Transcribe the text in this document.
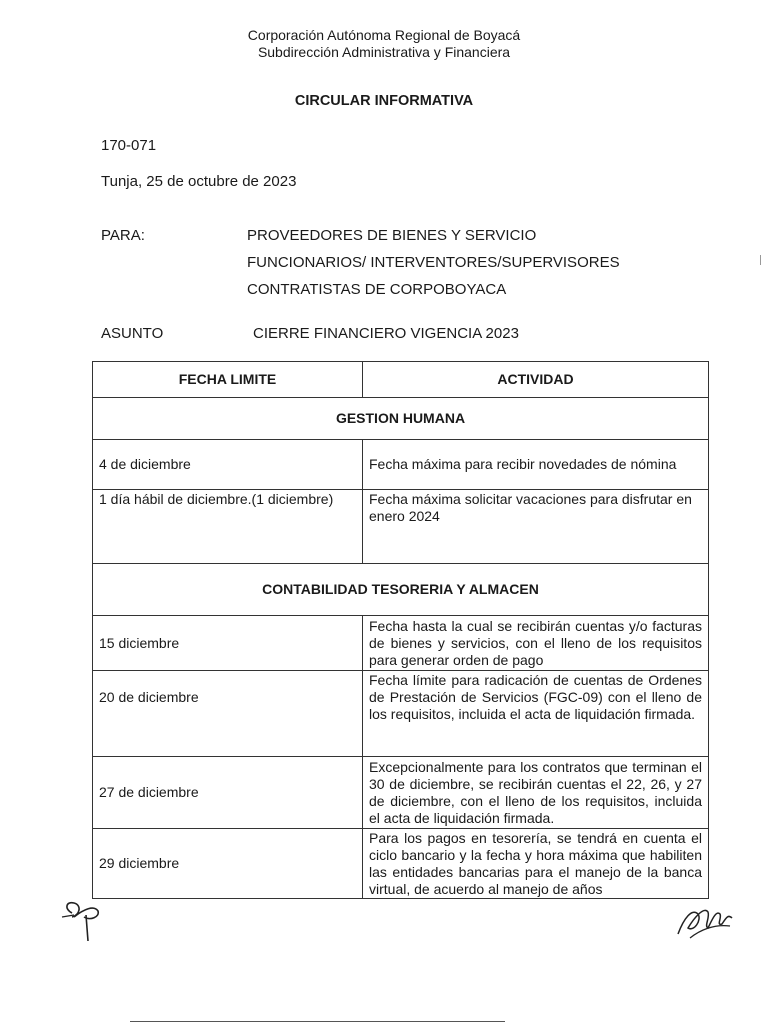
Corporación Autónoma Regional de Boyacá
Subdirección Administrativa y Financiera
CIRCULAR INFORMATIVA
170-071
Tunja, 25 de octubre de 2023
PARA:	PROVEEDORES DE BIENES Y SERVICIO
FUNCIONARIOS/ INTERVENTORES/SUPERVISORES
CONTRATISTAS DE CORPOBOYACA
ASUNTO	CIERRE FINANCIERO VIGENCIA 2023
FECHA LIMITE	ACTIVIDAD
GESTION HUMANA	
4 de diciembre	Fecha máxima para recibir novedades de nómina
1 día hábil de diciembre.(1 diciembre)	Fecha máxima solicitar vacaciones para disfrutar en enero 2024
CONTABILIDAD TESORERIA Y ALMACEN	
15 diciembre	Fecha hasta la cual se recibirán cuentas y/o facturas de bienes y servicios, con el lleno de los requisitos para generar orden de pago
20 de diciembre	Fecha límite para radicación de cuentas de Ordenes de Prestación de Servicios (FGC-09) con el lleno de los requisitos, incluida el acta de liquidación firmada.
27 de diciembre	Excepcionalmente para los contratos que terminan el 30 de diciembre, se recibirán cuentas el 22, 26, y 27 de diciembre, con el lleno de los requisitos, incluida el acta de liquidación firmada.
29 diciembre	Para los pagos en tesorería, se tendrá en cuenta el ciclo bancario y la fecha y hora máxima que habiliten las entidades bancarias para el manejo de la banca virtual, de acuerdo al manejo de años
